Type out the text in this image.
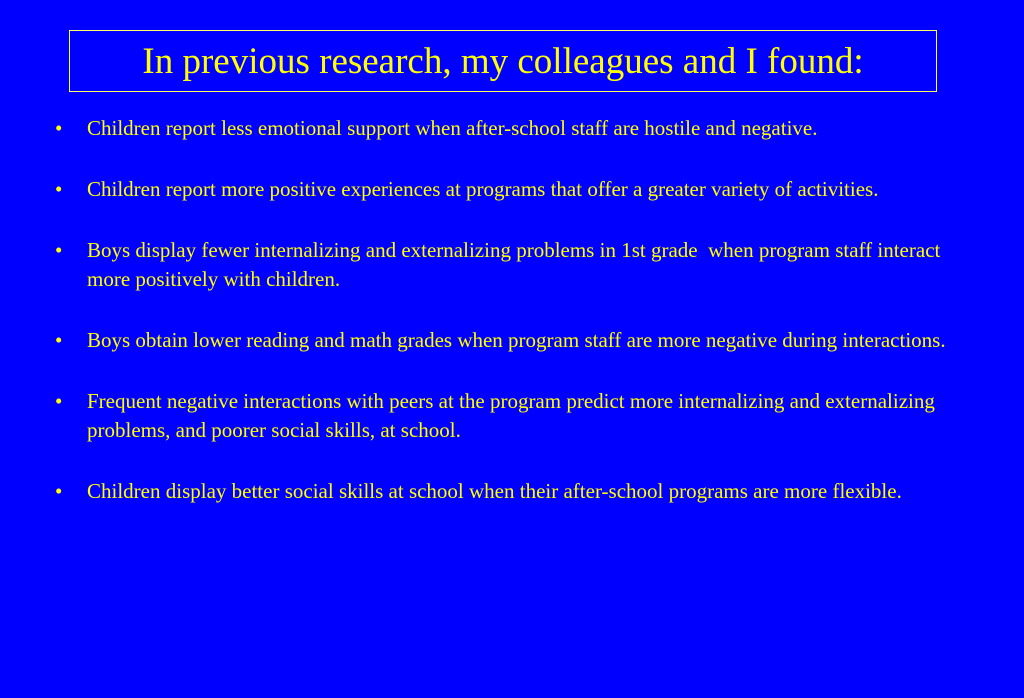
In previous research, my colleagues and I found:
•	Children report less emotional support when after-school staff are hostile and negative.
•	Children report more positive experiences at programs that offer a greater variety of activities.
•	Boys display fewer internalizing and externalizing problems in 1st grade  when program staff interact more positively with children.
•	Boys obtain lower reading and math grades when program staff are more negative during interactions.
•	Frequent negative interactions with peers at the program predict more internalizing and externalizing problems, and poorer social skills, at school.
•	Children display better social skills at school when their after-school programs are more flexible.
